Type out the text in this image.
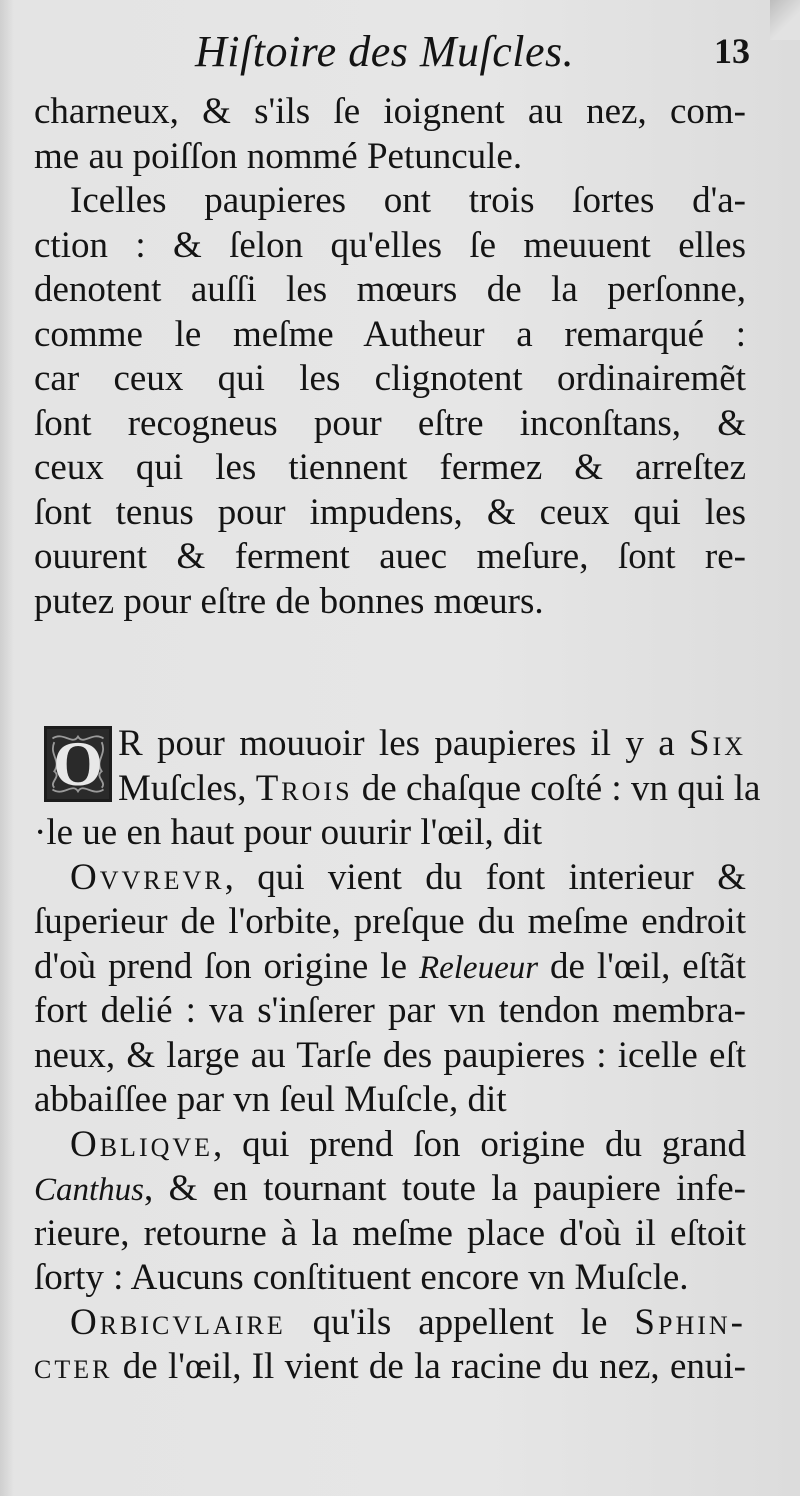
Hiſtoire des Muſcles.	13
charneux, & s'ils ſe ioignent au nez, com-
me au poiſſon nommé Petuncule.
Icelles paupieres ont trois ſortes d'a-
ction : & ſelon qu'elles ſe meuuent elles
denotent auſſi les mœurs de la perſonne,
comme le meſme Autheur a remarqué :
car ceux qui les clignotent ordinairemẽt
ſont recogneus pour eſtre inconſtans, &
ceux qui les tiennent fermez & arreſtez
ſont tenus pour impudens, & ceux qui les
ouurent & ferment auec meſure, ſont re-
putez pour eſtre de bonnes mœurs.
O R pour mouuoir les paupieres il y a Six
Muſcles, Trois de chaſque coſté : vn qui la
·le ue en haut pour ouurir l'œil, dit
Ovvrevr, qui vient du font interieur &
ſuperieur de l'orbite, preſque du meſme endroit
d'où prend ſon origine le Releueur de l'œil, eſtãt
fort delié : va s'inſerer par vn tendon membra-
neux, & large au Tarſe des paupieres : icelle eſt
abbaiſſee par vn ſeul Muſcle, dit
Obliqve, qui prend ſon origine du grand
Canthus, & en tournant toute la paupiere infe-
rieure, retourne à la meſme place d'où il eſtoit
ſorty : Aucuns conſtituent encore vn Muſcle.
Orbicvlaire qu'ils appellent le Sphin-
cter de l'œil, Il vient de la racine du nez, enui-
